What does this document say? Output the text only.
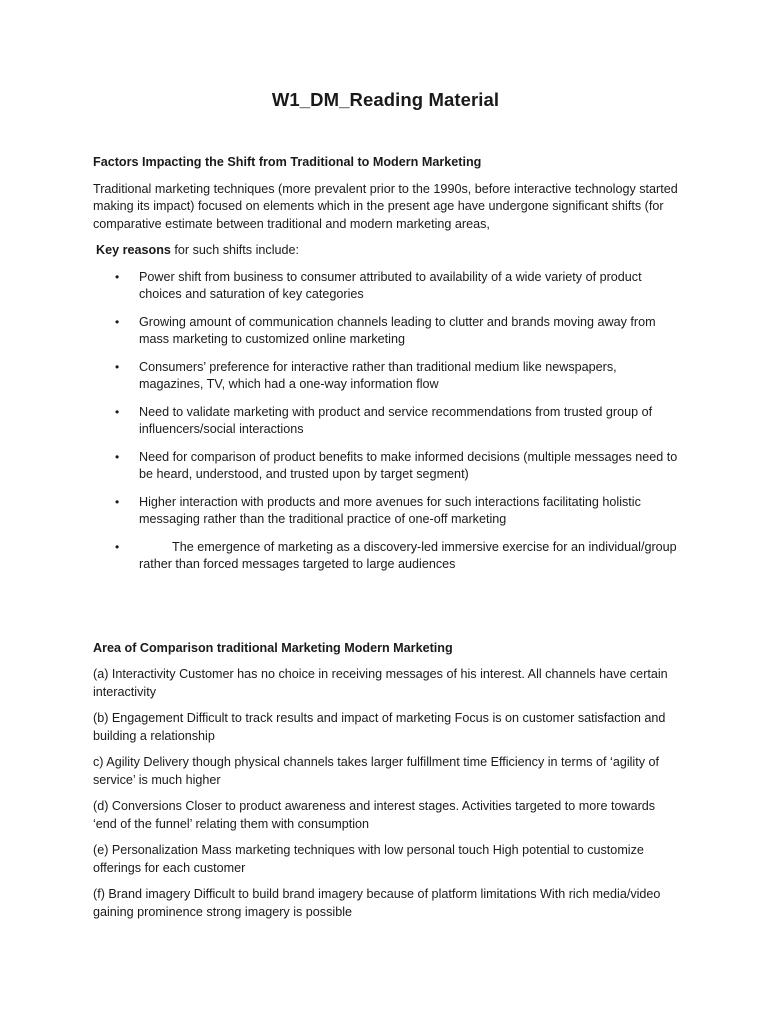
W1_DM_Reading Material
Factors Impacting the Shift from Traditional to Modern Marketing

Traditional marketing techniques (more prevalent prior to the 1990s, before interactive technology started making its impact) focused on elements which in the present age have undergone significant shifts (for comparative estimate between traditional and modern marketing areas,

Key reasons for such shifts include:

• Power shift from business to consumer attributed to availability of a wide variety of product choices and saturation of key categories
• Growing amount of communication channels leading to clutter and brands moving away from mass marketing to customized online marketing
• Consumers’ preference for interactive rather than traditional medium like newspapers, magazines, TV, which had a one-way information flow
• Need to validate marketing with product and service recommendations from trusted group of influencers/social interactions
• Need for comparison of product benefits to make informed decisions (multiple messages need to be heard, understood, and trusted upon by target segment)
• Higher interaction with products and more avenues for such interactions facilitating holistic messaging rather than the traditional practice of one-off marketing
•	The emergence of marketing as a discovery-led immersive exercise for an individual/group rather than forced messages targeted to large audiences
Area of Comparison traditional Marketing Modern Marketing

(a) Interactivity Customer has no choice in receiving messages of his interest. All channels have certain interactivity

(b) Engagement Difficult to track results and impact of marketing Focus is on customer satisfaction and building a relationship

c) Agility Delivery though physical channels takes larger fulfillment time Efficiency in terms of ‘agility of service’ is much higher

(d) Conversions Closer to product awareness and interest stages. Activities targeted to more towards ‘end of the funnel’ relating them with consumption

(e) Personalization Mass marketing techniques with low personal touch High potential to customize offerings for each customer

(f) Brand imagery Difficult to build brand imagery because of platform limitations With rich media/video gaining prominence strong imagery is possible
